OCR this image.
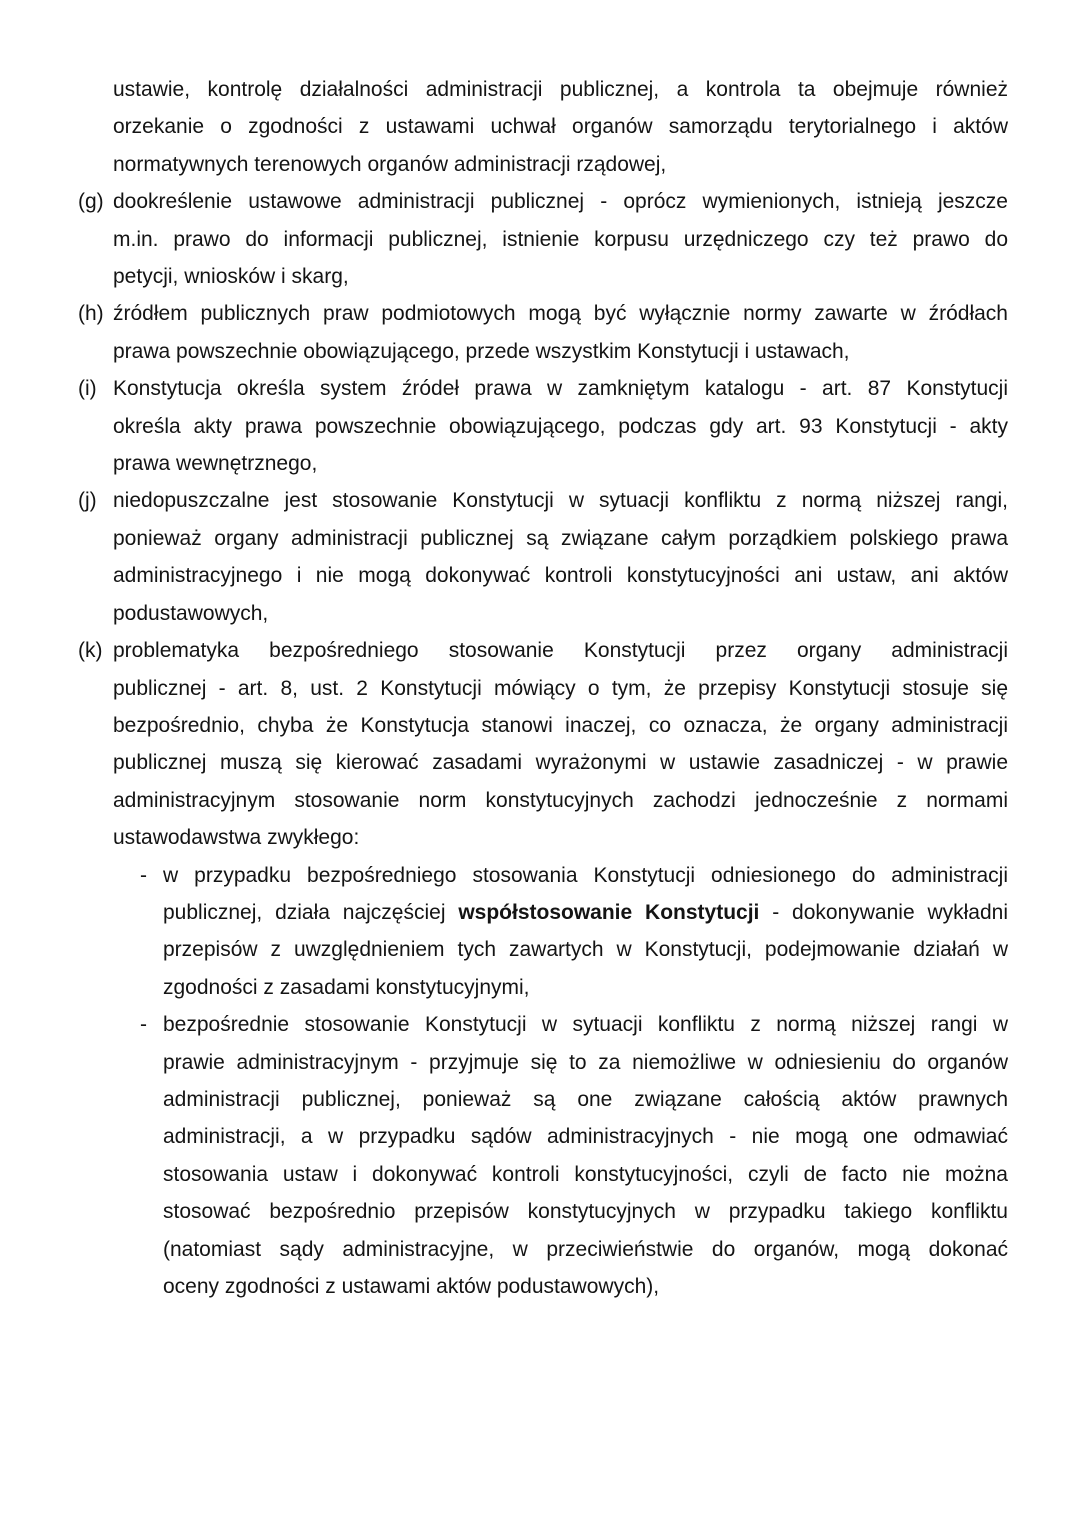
ustawie, kontrolę działalności administracji publicznej, a kontrola ta obejmuje również
orzekanie o zgodności z ustawami uchwał organów samorządu terytorialnego i aktów
normatywnych terenowych organów administracji rządowej,
(g) dookreślenie ustawowe administracji publicznej - oprócz wymienionych, istnieją jeszcze
m.in. prawo do informacji publicznej, istnienie korpusu urzędniczego czy też prawo do
petycji, wniosków i skarg,
(h) źródłem publicznych praw podmiotowych mogą być wyłącznie normy zawarte w źródłach
prawa powszechnie obowiązującego, przede wszystkim Konstytucji i ustawach,
(i) Konstytucja określa system źródeł prawa w zamkniętym katalogu - art. 87 Konstytucji
określa akty prawa powszechnie obowiązującego, podczas gdy art. 93 Konstytucji - akty
prawa wewnętrznego,
(j) niedopuszczalne jest stosowanie Konstytucji w sytuacji konfliktu z normą niższej rangi,
ponieważ organy administracji publicznej są związane całym porządkiem polskiego prawa
administracyjnego i nie mogą dokonywać kontroli konstytucyjności ani ustaw, ani aktów
podustawowych,
(k) problematyka bezpośredniego stosowanie Konstytucji przez organy administracji
publicznej - art. 8, ust. 2 Konstytucji mówiący o tym, że przepisy Konstytucji stosuje się
bezpośrednio, chyba że Konstytucja stanowi inaczej, co oznacza, że organy administracji
publicznej muszą się kierować zasadami wyrażonymi w ustawie zasadniczej - w prawie
administracyjnym stosowanie norm konstytucyjnych zachodzi jednocześnie z normami
ustawodawstwa zwykłego:
- w przypadku bezpośredniego stosowania Konstytucji odniesionego do administracji
publicznej, działa najczęściej współstosowanie Konstytucji - dokonywanie wykładni
przepisów z uwzględnieniem tych zawartych w Konstytucji, podejmowanie działań w
zgodności z zasadami konstytucyjnymi,
- bezpośrednie stosowanie Konstytucji w sytuacji konfliktu z normą niższej rangi w
prawie administracyjnym - przyjmuje się to za niemożliwe w odniesieniu do organów
administracji publicznej, ponieważ są one związane całością aktów prawnych
administracji, a w przypadku sądów administracyjnych - nie mogą one odmawiać
stosowania ustaw i dokonywać kontroli konstytucyjności, czyli de facto nie można
stosować bezpośrednio przepisów konstytucyjnych w przypadku takiego konfliktu
(natomiast sądy administracyjne, w przeciwieństwie do organów, mogą dokonać
oceny zgodności z ustawami aktów podustawowych),
